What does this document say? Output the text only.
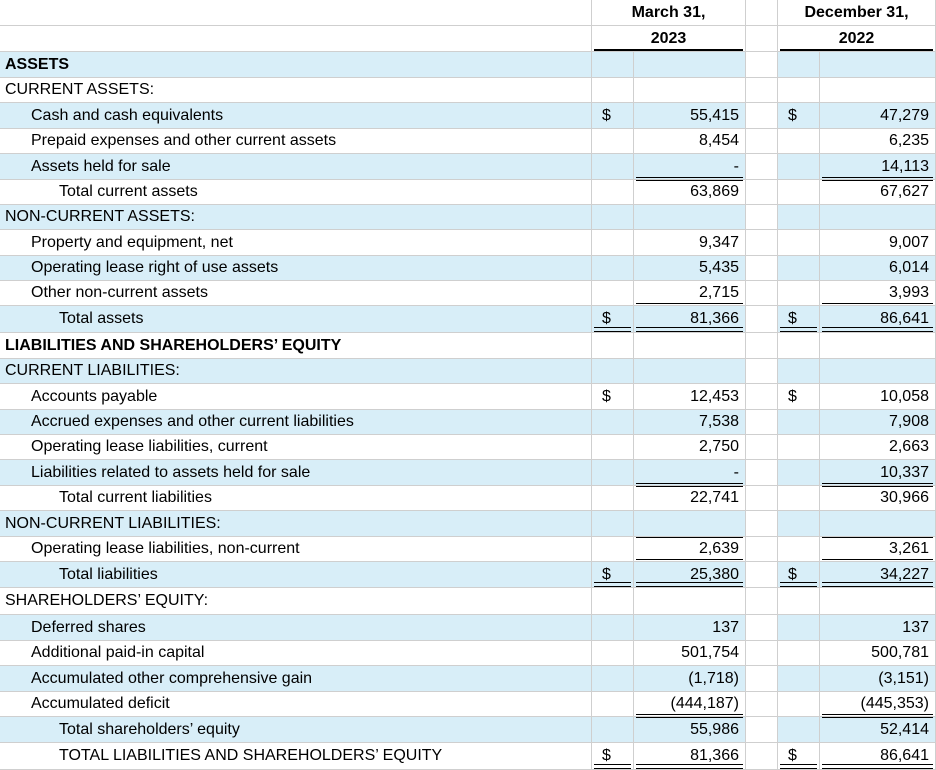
March 31,	December 31,
2023	2022
ASSETS
CURRENT ASSETS:
Cash and cash equivalents	$	55,415	$	47,279
Prepaid expenses and other current assets	8,454	6,235
Assets held for sale	-	14,113
Total current assets	63,869	67,627
NON-CURRENT ASSETS:
Property and equipment, net	9,347	9,007
Operating lease right of use assets	5,435	6,014
Other non-current assets	2,715	3,993
Total assets	$	81,366	$	86,641
LIABILITIES AND SHAREHOLDERS’ EQUITY
CURRENT LIABILITIES:
Accounts payable	$	12,453	$	10,058
Accrued expenses and other current liabilities	7,538	7,908
Operating lease liabilities, current	2,750	2,663
Liabilities related to assets held for sale	-	10,337
Total current liabilities	22,741	30,966
NON-CURRENT LIABILITIES:
Operating lease liabilities, non-current	2,639	3,261
Total liabilities	$	25,380	$	34,227
SHAREHOLDERS’ EQUITY:
Deferred shares	137	137
Additional paid-in capital	501,754	500,781
Accumulated other comprehensive gain	(1,718)	(3,151)
Accumulated deficit	(444,187)	(445,353)
Total shareholders’ equity	55,986	52,414
TOTAL LIABILITIES AND SHAREHOLDERS’ EQUITY	$	81,366	$	86,641
